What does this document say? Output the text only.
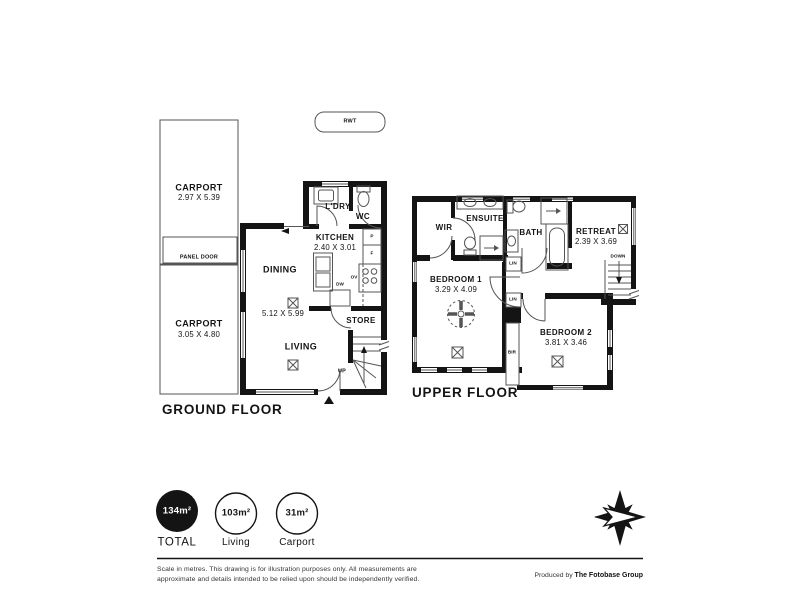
N
RWT
CARPORT
2.97 X 5.39
PANEL DOOR
CARPORT
3.05 X 4.80
L'DRY
WC
KITCHEN
2.40 X 3.01
P
F
OV
DW
DINING
5.12 X 5.99
STORE
LIVING
UP
GROUND FLOOR
WIR
ENSUITE
BATH	RETREAT
2.39 X 3.69
DOWN
LIN
LIN
BIR
BEDROOM 1
3.29 X 4.09
BEDROOM 2
3.81 X 3.46
UPPER FLOOR
134m²	103m²	31m²
TOTAL	Living	Carport
Scale in metres. This drawing is for illustration purposes only. All measurements are approximate and details intended to be relied upon should be independently verified.
Produced by The Fotobase Group
